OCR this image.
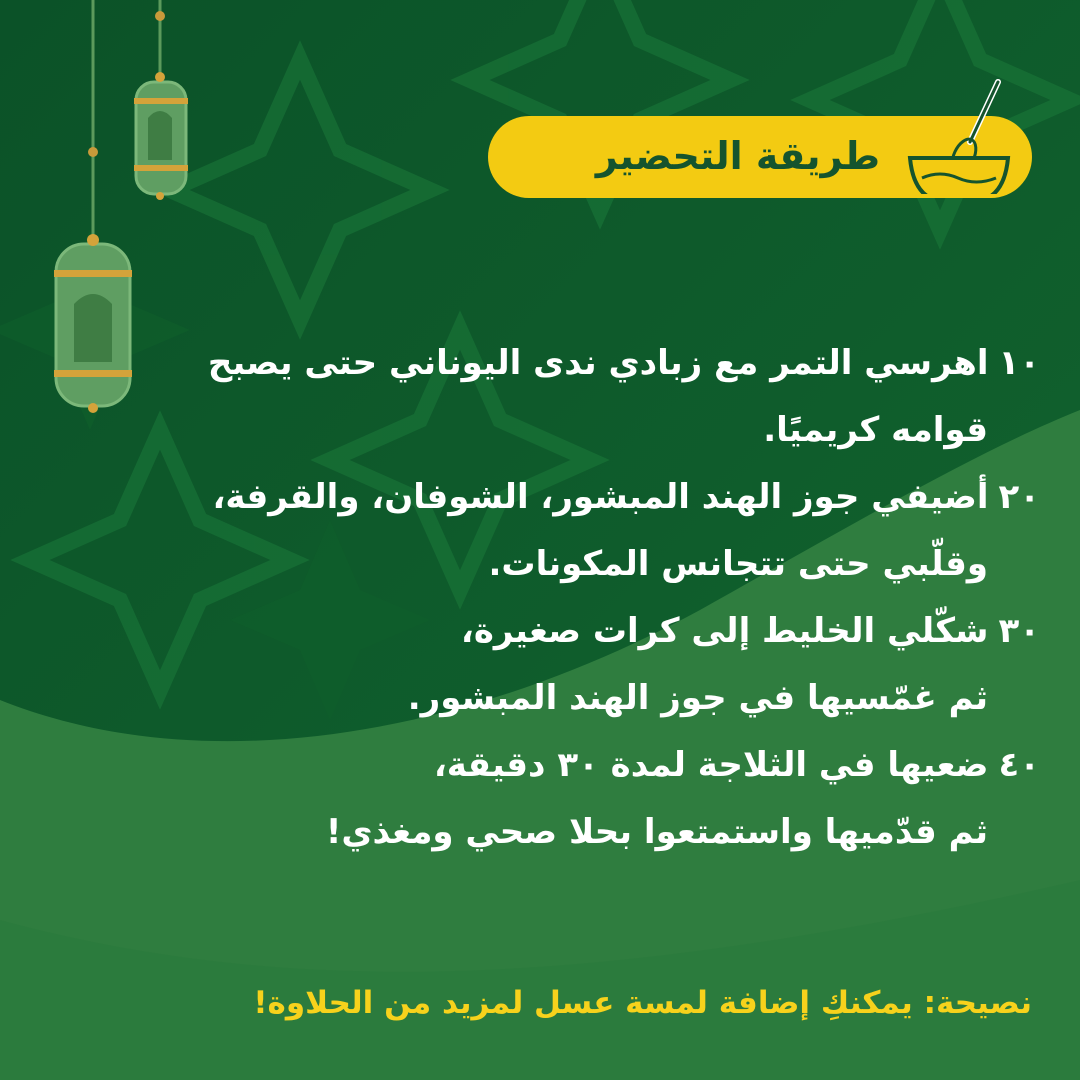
طريقة التحضير
١٠اهرسي التمر مع زبادي ندى اليوناني حتى يصبح
قوامه كريميًا.
٢٠أضيفي جوز الهند المبشور، الشوفان، والقرفة،
وقلّبي حتى تتجانس المكونات.
٣٠شكّلي الخليط إلى كرات صغيرة،
ثم غمّسيها في جوز الهند المبشور.
٤٠ضعيها في الثلاجة لمدة ٣٠ دقيقة،
ثم قدّميها واستمتعوا بحلا صحي ومغذي!
نصيحة: يمكنكِ إضافة لمسة عسل لمزيد من الحلاوة!
